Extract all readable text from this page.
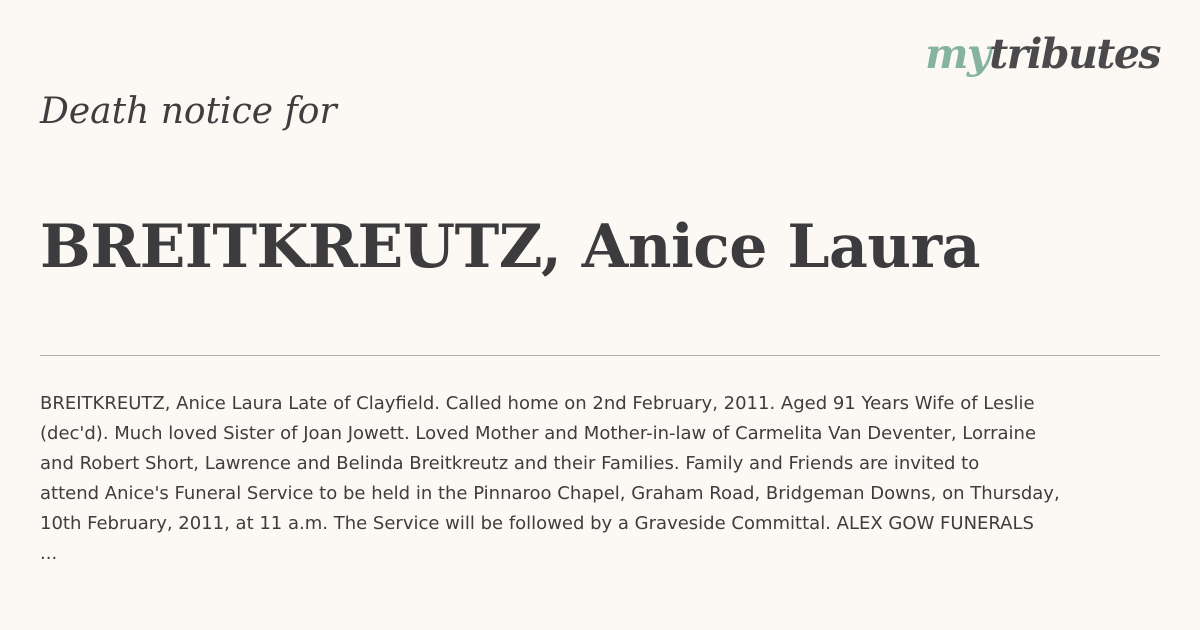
mytributes
Death notice for
BREITKREUTZ, Anice Laura
BREITKREUTZ, Anice Laura Late of Clayfield. Called home on 2nd February, 2011. Aged 91 Years Wife of Leslie
(dec'd). Much loved Sister of Joan Jowett. Loved Mother and Mother-in-law of Carmelita Van Deventer, Lorraine
and Robert Short, Lawrence and Belinda Breitkreutz and their Families. Family and Friends are invited to
attend Anice's Funeral Service to be held in the Pinnaroo Chapel, Graham Road, Bridgeman Downs, on Thursday,
10th February, 2011, at 11 a.m. The Service will be followed by a Graveside Committal. ALEX GOW FUNERALS
...
